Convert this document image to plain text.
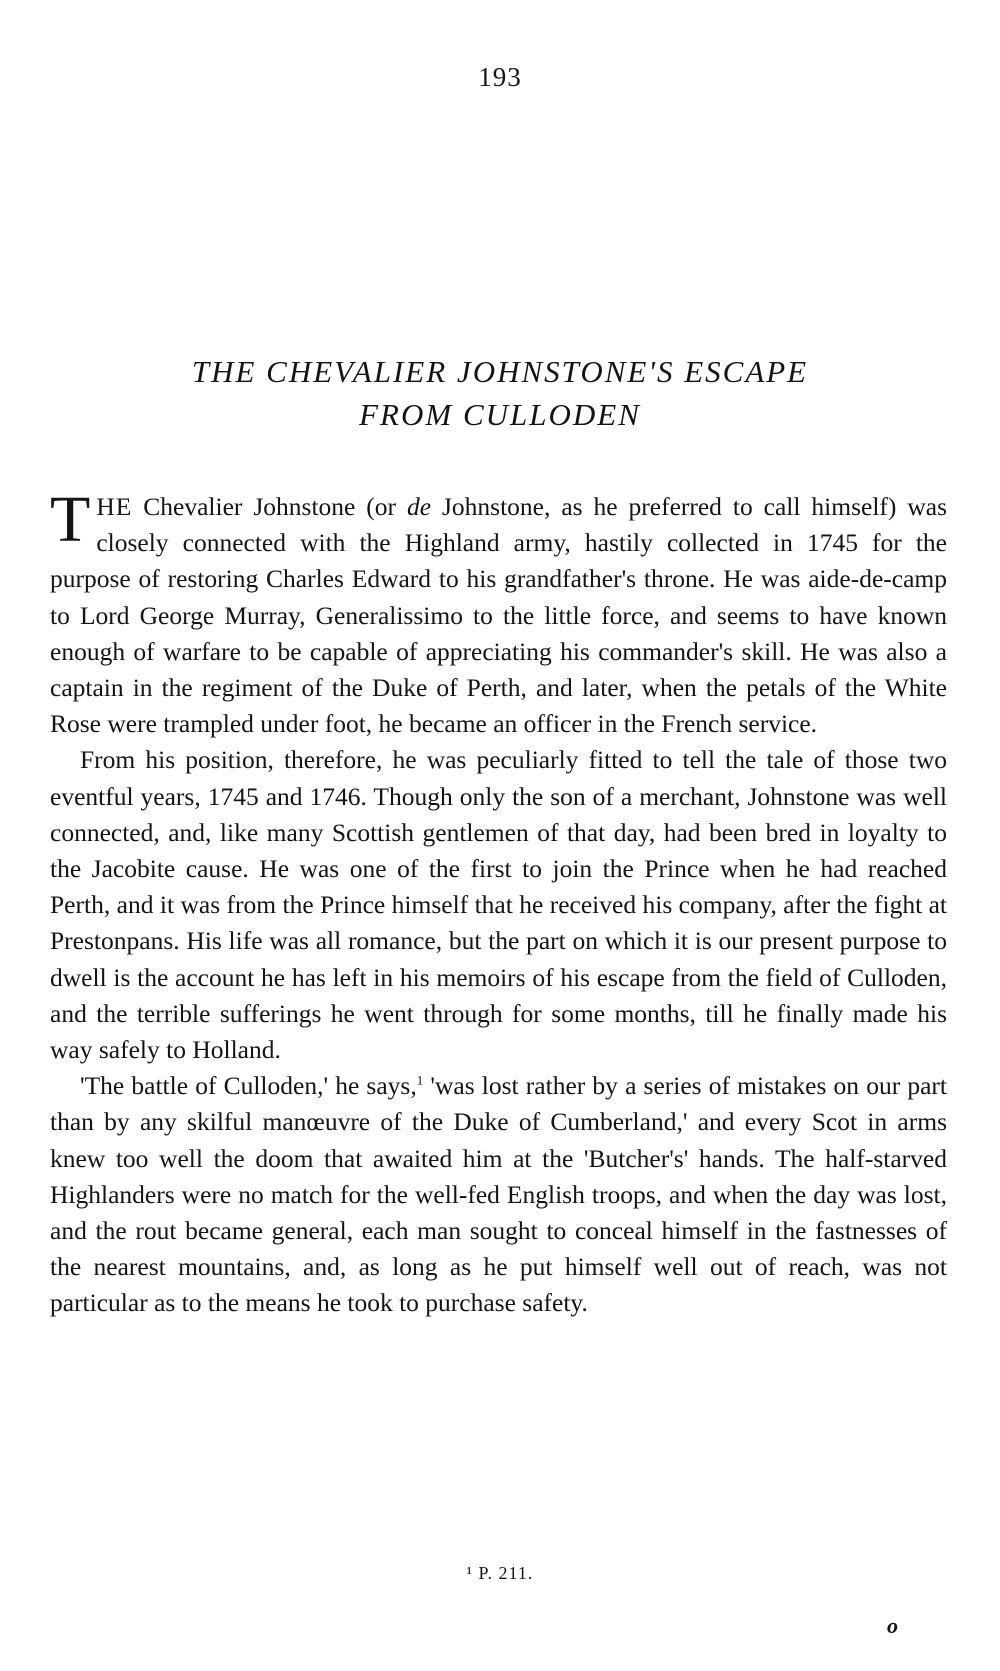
193
THE CHEVALIER JOHNSTONE'S ESCAPE
FROM CULLODEN

THE Chevalier Johnstone (or de Johnstone, as he preferred to call himself) was closely connected with the Highland army, hastily collected in 1745 for the purpose of restoring Charles Edward to his grandfather's throne. He was aide-de-camp to Lord George Murray, Generalissimo to the little force, and seems to have known enough of warfare to be capable of appreciating his commander's skill. He was also a captain in the regiment of the Duke of Perth, and later, when the petals of the White Rose were trampled under foot, he became an officer in the French service.

From his position, therefore, he was peculiarly fitted to tell the tale of those two eventful years, 1745 and 1746. Though only the son of a merchant, Johnstone was well connected, and, like many Scottish gentlemen of that day, had been bred in loyalty to the Jacobite cause. He was one of the first to join the Prince when he had reached Perth, and it was from the Prince himself that he received his company, after the fight at Prestonpans. His life was all romance, but the part on which it is our present purpose to dwell is the account he has left in his memoirs of his escape from the field of Culloden, and the terrible sufferings he went through for some months, till he finally made his way safely to Holland.

'The battle of Culloden,' he says,$^1$ 'was lost rather by a series of mistakes on our part than by any skilful manœuvre of the Duke of Cumberland,' and every Scot in arms knew too well the doom that awaited him at the 'Butcher's' hands. The half-starved Highlanders were no match for the well-fed English troops, and when the day was lost, and the rout became general, each man sought to conceal himself in the fastnesses of the nearest mountains, and, as long as he put himself well out of reach, was not particular as to the means he took to purchase safety.

¹ P. 211.
o
